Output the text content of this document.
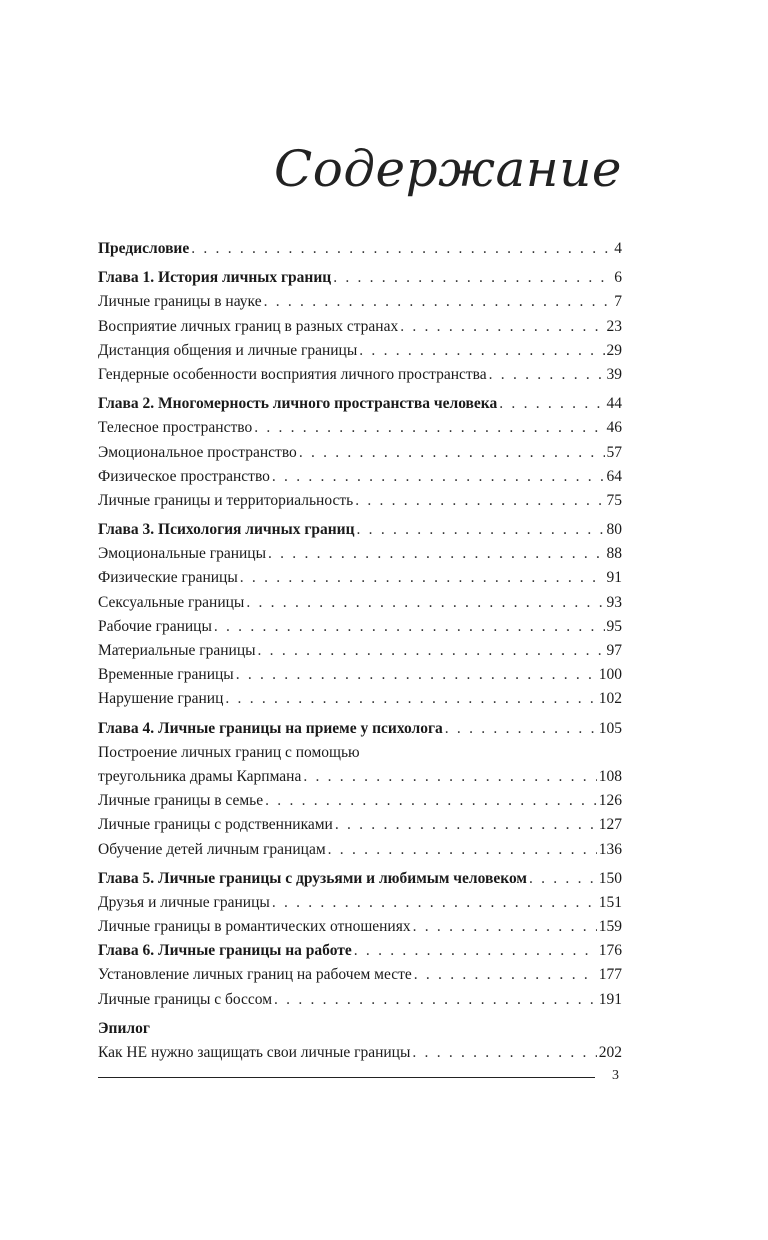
Содержание
Предисловие . . .	4
Глава 1. История личных границ . . .	6
Личные границы в науке . . .	7
Восприятие личных границ в разных странах . . .	23
Дистанция общения и личные границы . . .	29
Гендерные особенности восприятия личного пространства . . .	39
Глава 2. Многомерность личного пространства человека . . .	44
Телесное пространство . . .	46
Эмоциональное пространство . . .	57
Физическое пространство . . .	64
Личные границы и территориальность . . .	75
Глава 3. Психология личных границ . . .	80
Эмоциональные границы . . .	88
Физические границы . . .	91
Сексуальные границы . . .	93
Рабочие границы . . .	95
Материальные границы . . .	97
Временные границы . . .	100
Нарушение границ . . .	102
Глава 4. Личные границы на приеме у психолога . . .	105
Построение личных границ с помощью
треугольника драмы Карпмана . . .	108
Личные границы в семье . . .	126
Личные границы с родственниками . . .	127
Обучение детей личным границам . . .	136
Глава 5. Личные границы с друзьями и любимым человеком . . .	150
Друзья и личные границы . . .	151
Личные границы в романтических отношениях . . .	159
Глава 6. Личные границы на работе . . .	176
Установление личных границ на рабочем месте . . .	177
Личные границы с боссом . . .	191
Эпилог
Как НЕ нужно защищать свои личные границы . . .	202
3
